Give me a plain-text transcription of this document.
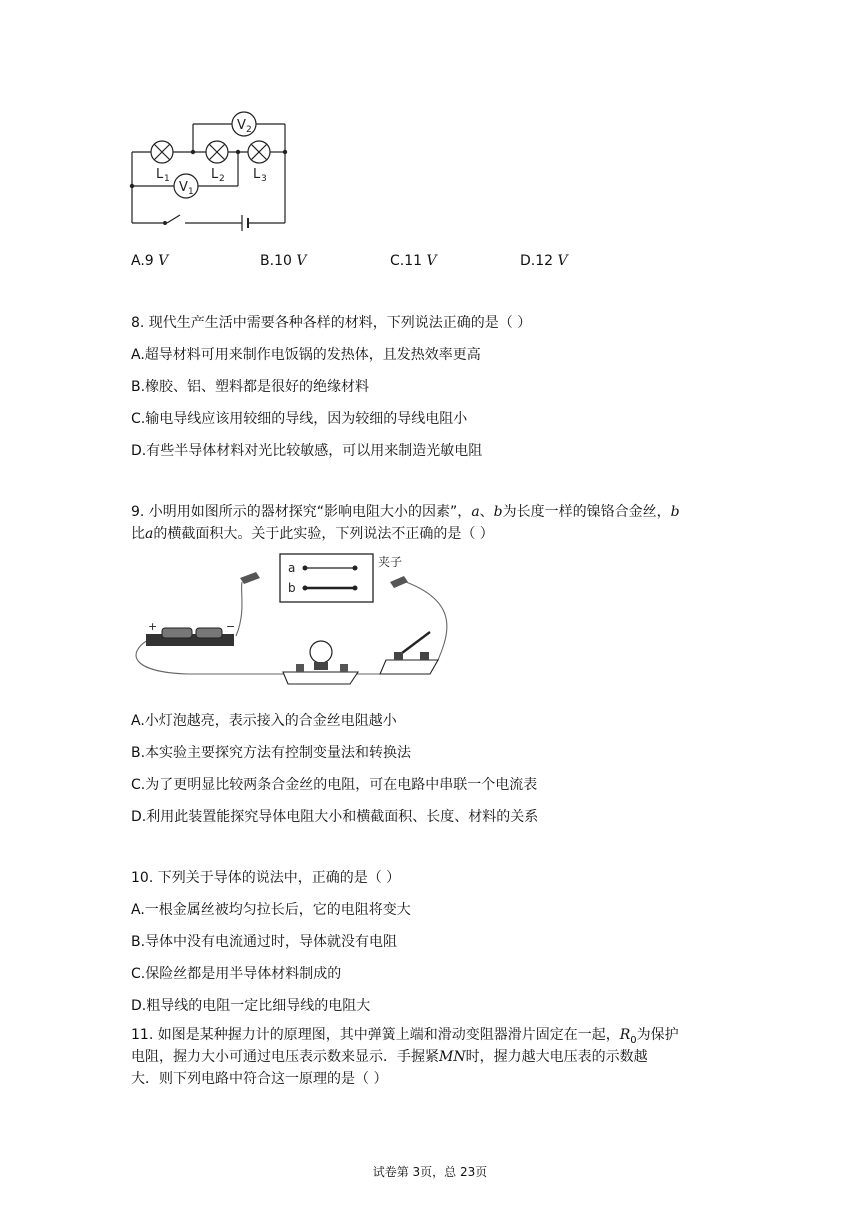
V 2
V 1
L 1	L 2 L 3
A.9 V	B.10 V	C.11 V	D.12 V
8. 现代生产生活中需要各种各样的材料，下列说法正确的是（ ）
A.超导材料可用来制作电饭锅的发热体，且发热效率更高
B.橡胶、铝、塑料都是很好的绝缘材料
C.输电导线应该用较细的导线，因为较细的导线电阻小
D.有些半导体材料对光比较敏感，可以用来制造光敏电阻
9. 小明用如图所示的器材探究“影响电阻大小的因素”，a、b为长度一样的镍铬合金丝，b
比a的横截面积大。关于此实验，下列说法不正确的是（ ）
a
b
夹子
+	−
A.小灯泡越亮，表示接入的合金丝电阻越小
B.本实验主要探究方法有控制变量法和转换法
C.为了更明显比较两条合金丝的电阻，可在电路中串联一个电流表
D.利用此装置能探究导体电阻大小和横截面积、长度、材料的关系
10. 下列关于导体的说法中，正确的是（ ）
A.一根金属丝被均匀拉长后，它的电阻将变大
B.导体中没有电流通过时，导体就没有电阻
C.保险丝都是用半导体材料制成的
D.粗导线的电阻一定比细导线的电阻大
11. 如图是某种握力计的原理图，其中弹簧上端和滑动变阻器滑片固定在一起，$R_0$为保护
电阻，握力大小可通过电压表示数来显示．手握紧MN时，握力越大电压表的示数越
大．则下列电路中符合这一原理的是（ ）
试卷第 3页，总 23页
